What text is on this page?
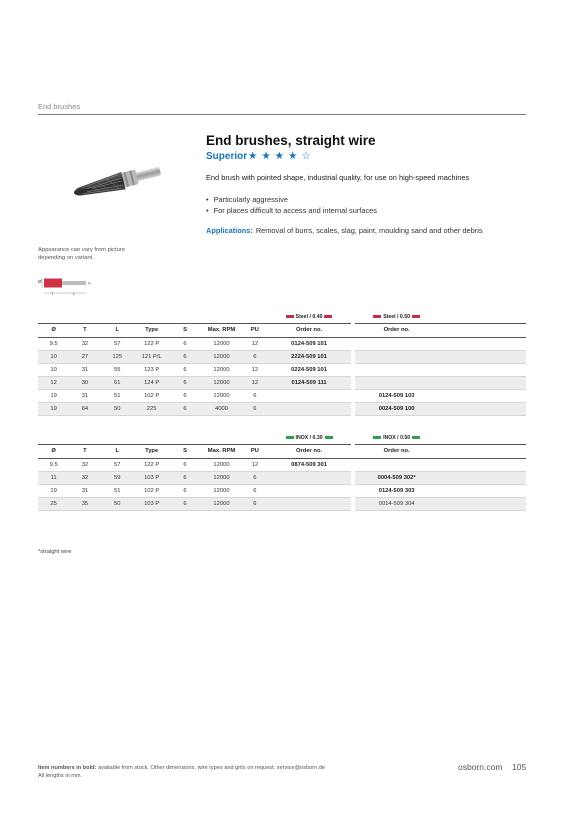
End brushes
End brushes, straight wire
Superior ★ ★ ★ ★ ☆
End brush with pointed shape, industrial quality, for use on high-speed machines
• Particularly aggressive
• For places difficult to access and internal surfaces
Applications: Removal of burrs, scales, slag, paint, moulding sand and other debris
Appearance can vary from picture depending on variant.
Ø	S
T	L
							Steel / 0.40		Steel / 0.50	
Ø	T	L	Type	S	Max. RPM	PU	Order no.		Order no.	
9.5	32	57	122 P	6	12000	12	0124-509 101			
10	27	125	121 P/L	6	12000	6	2224-509 101			
10	31	55	123 P	6	12000	12	0224-509 101			
12	30	61	124 P	6	12000	12	0124-509 111			
19	31	51	102 P	6	12000	6			0124-509 103	
19	64	50	225	6	4000	6			0024-509 100	
							INOX / 0.30		INOX / 0.50	
Ø	T	L	Type	S	Max. RPM	PU	Order no.		Order no.	
9.5	32	57	122 P	6	12000	12	0874-509 301			
11	32	59	103 P	6	12000	6			0004-509 302*	
19	31	51	102 P	6	12000	6			0124-509 303	
25	35	50	103 P	6	12000	6			0014-509 304	
*straight wire
Item numbers in bold: available from stock. Other dimensions, wire types and grits on request: service@osborn.de
All lengths in mm.
osborn.com 105
